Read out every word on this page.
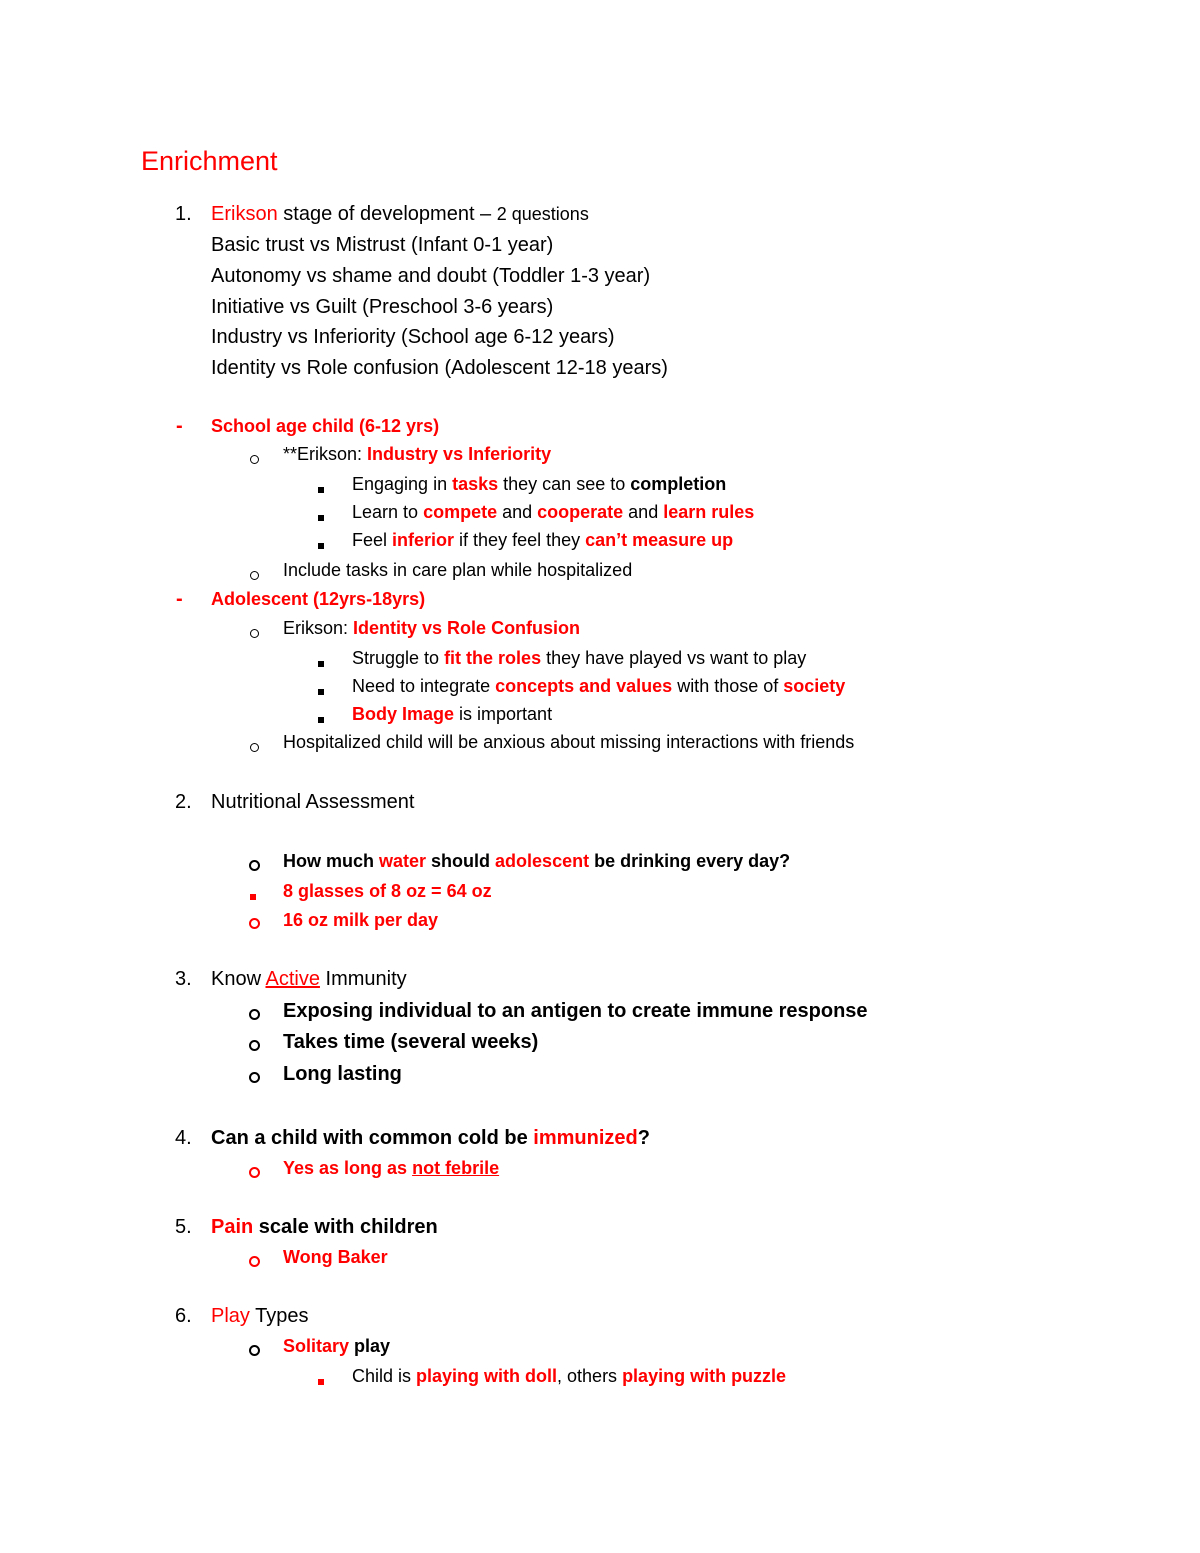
Enrichment
1. Erikson stage of development – 2 questions
Basic trust vs Mistrust (Infant 0-1 year)
Autonomy vs shame and doubt (Toddler 1-3 year)
Initiative vs Guilt (Preschool 3-6 years)
Industry vs Inferiority (School age 6-12 years)
Identity vs Role confusion (Adolescent 12-18 years)
- School age child (6-12 yrs)
**Erikson: Industry vs Inferiority
Engaging in tasks they can see to completion
Learn to compete and cooperate and learn rules
Feel inferior if they feel they can’t measure up
Include tasks in care plan while hospitalized
- Adolescent (12yrs-18yrs)
Erikson: Identity vs Role Confusion
Struggle to fit the roles they have played vs want to play
Need to integrate concepts and values with those of society
Body Image is important
Hospitalized child will be anxious about missing interactions with friends
2. Nutritional Assessment
How much water should adolescent be drinking every day?
8 glasses of 8 oz = 64 oz
16 oz milk per day
3. Know Active Immunity
Exposing individual to an antigen to create immune response
Takes time (several weeks)
Long lasting
4. Can a child with common cold be immunized?
Yes as long as not febrile
5. Pain scale with children
Wong Baker
6. Play Types
Solitary play
Child is playing with doll, others playing with puzzle
